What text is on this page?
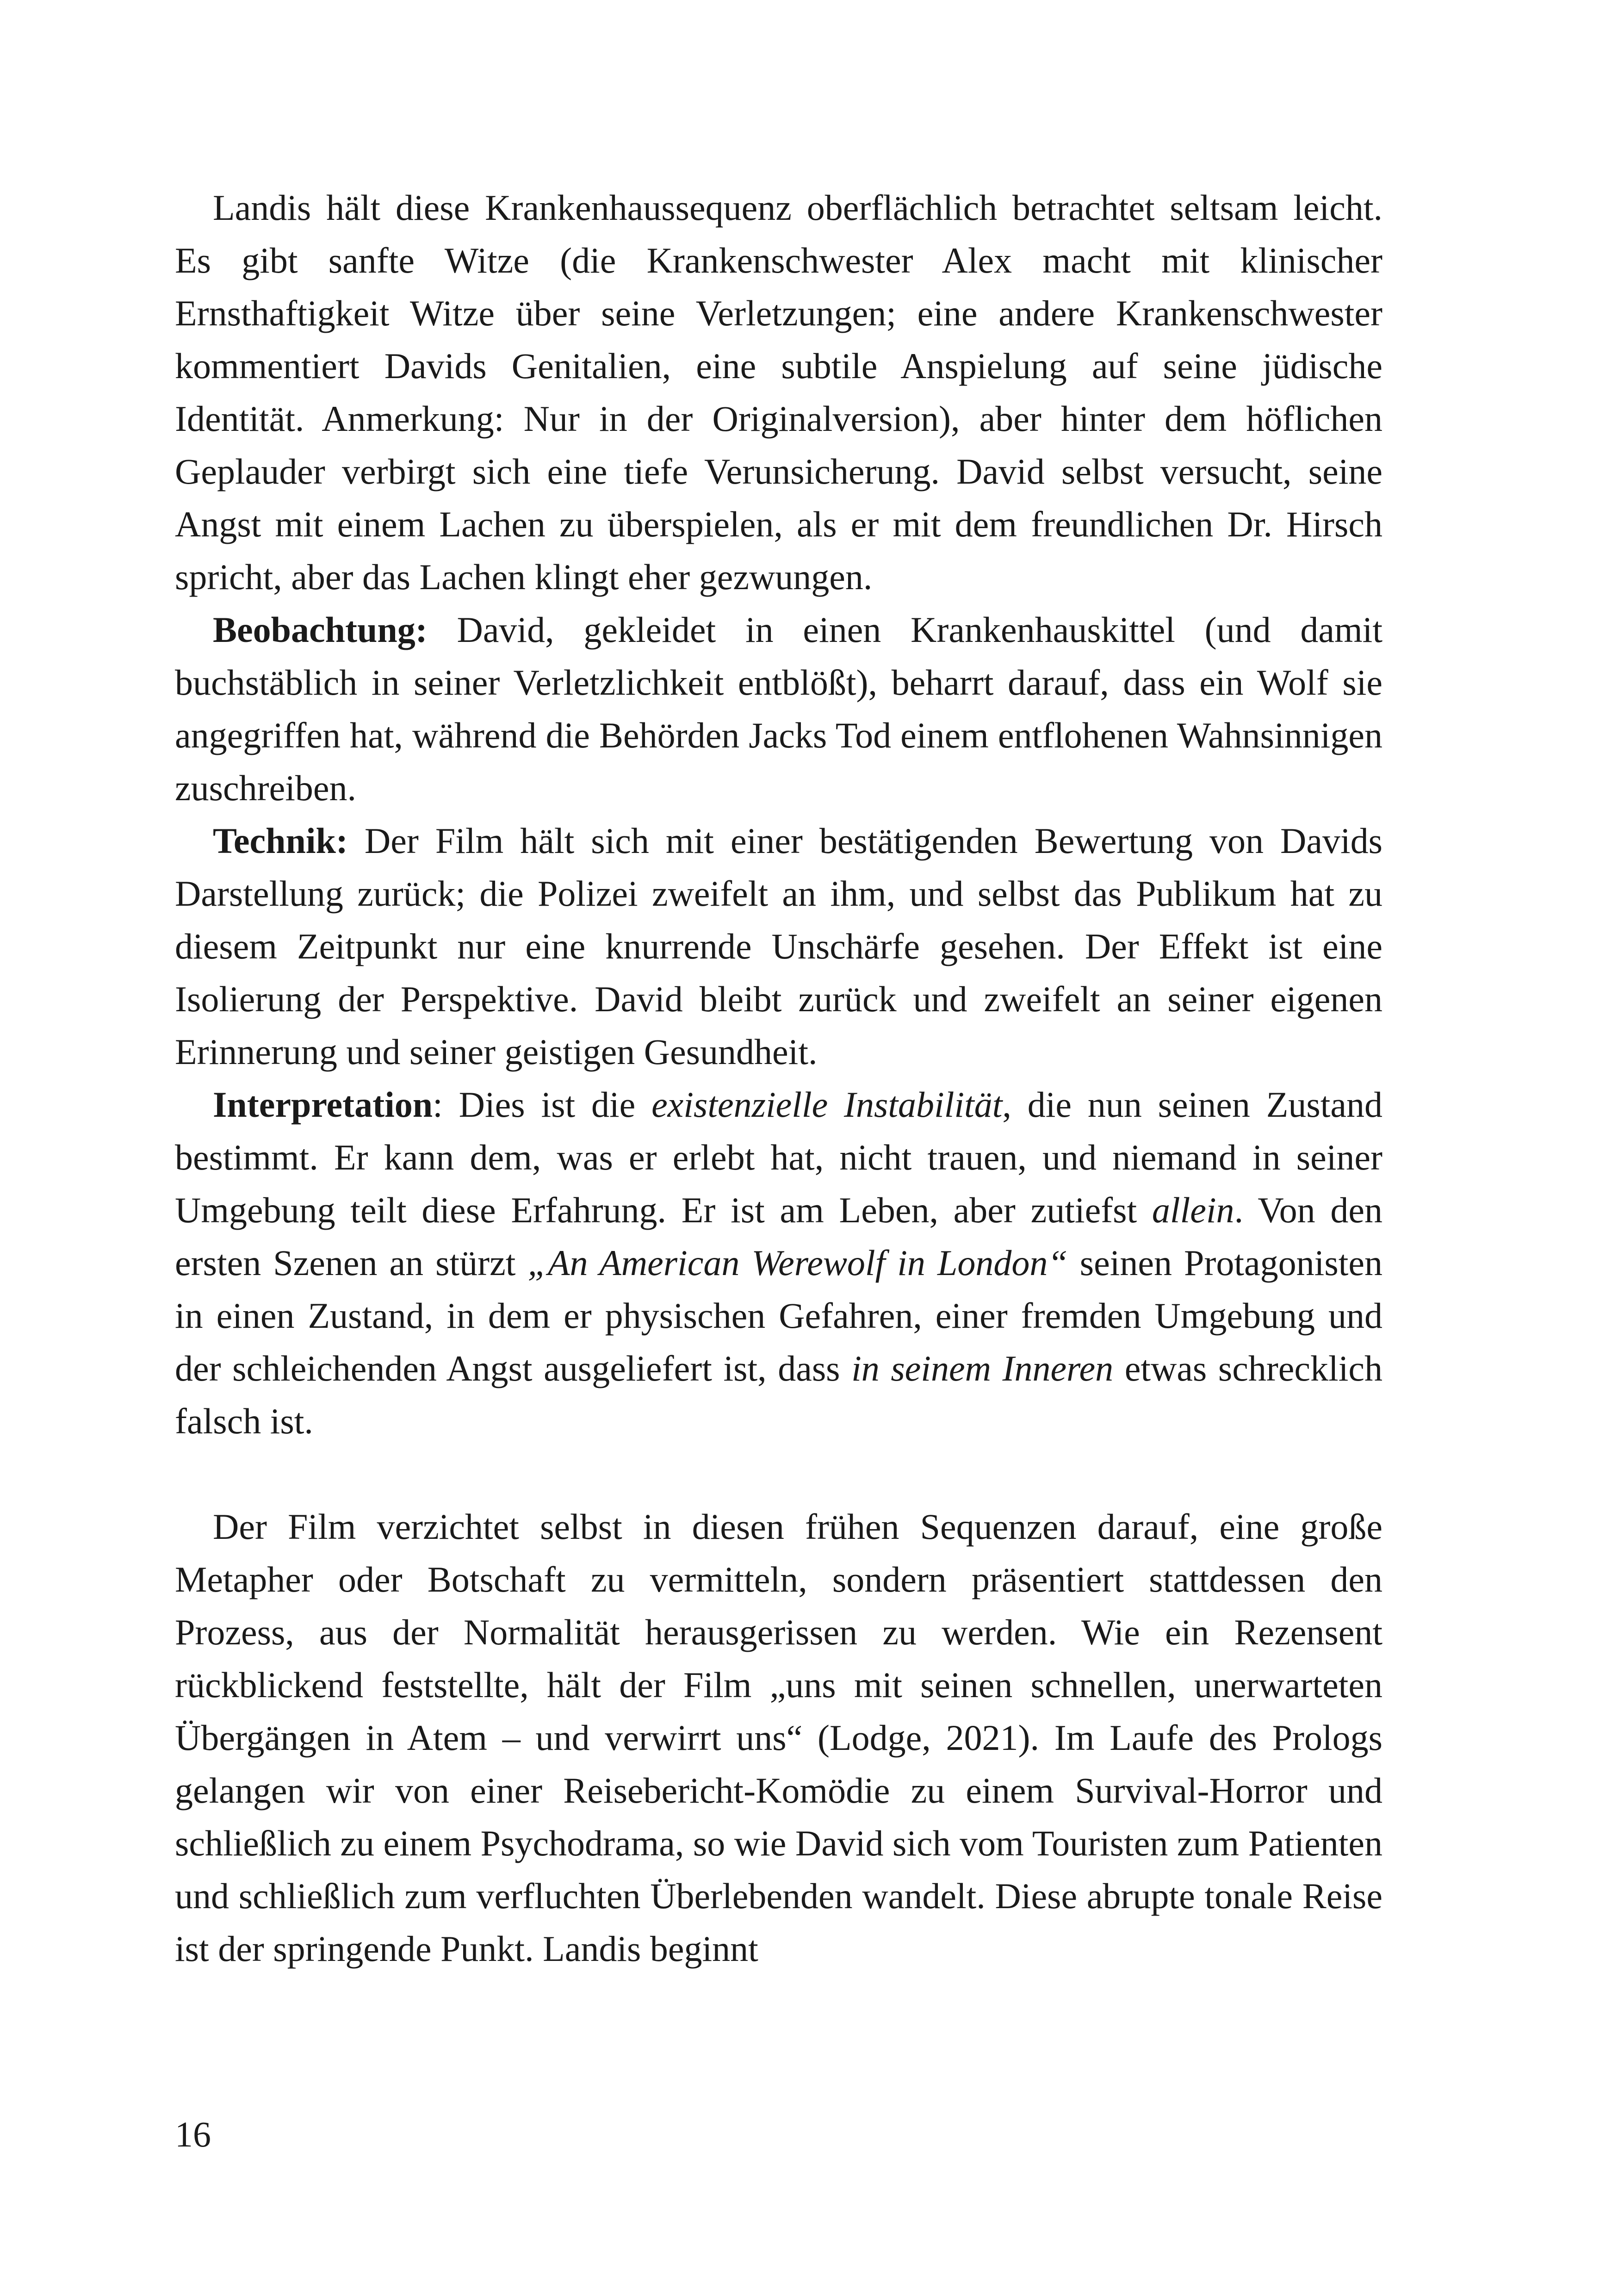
Landis hält diese Krankenhaussequenz oberflächlich betrachtet seltsam leicht. Es gibt sanfte Witze (die Krankenschwester Alex macht mit klinischer Ernsthaftigkeit Witze über seine Verletzungen; eine andere Krankenschwester kommentiert Davids Genitalien, eine subtile Anspielung auf seine jüdische Identität. Anmerkung: Nur in der Originalversion), aber hinter dem höflichen Geplauder verbirgt sich eine tiefe Verunsicherung. David selbst versucht, seine Angst mit einem Lachen zu überspielen, als er mit dem freundlichen Dr. Hirsch spricht, aber das Lachen klingt eher gezwungen.

Beobachtung: David, gekleidet in einen Krankenhauskittel (und damit buchstäblich in seiner Verletzlichkeit entblößt), beharrt darauf, dass ein Wolf sie angegriffen hat, während die Behörden Jacks Tod einem entflohenen Wahnsinnigen zuschreiben.

Technik: Der Film hält sich mit einer bestätigenden Bewertung von Davids Darstellung zurück; die Polizei zweifelt an ihm, und selbst das Publikum hat zu diesem Zeitpunkt nur eine knurrende Unschärfe gesehen. Der Effekt ist eine Isolierung der Perspektive. David bleibt zurück und zweifelt an seiner eigenen Erinnerung und seiner geistigen Gesundheit.

Interpretation: Dies ist die existenzielle Instabilität, die nun seinen Zustand bestimmt. Er kann dem, was er erlebt hat, nicht trauen, und niemand in seiner Umgebung teilt diese Erfahrung. Er ist am Leben, aber zutiefst allein. Von den ersten Szenen an stürzt „An American Werewolf in London“ seinen Protagonisten in einen Zustand, in dem er physischen Gefahren, einer fremden Umgebung und der schleichenden Angst ausgeliefert ist, dass in seinem Inneren etwas schrecklich falsch ist.

Der Film verzichtet selbst in diesen frühen Sequenzen darauf, eine große Metapher oder Botschaft zu vermitteln, sondern präsentiert stattdessen den Prozess, aus der Normalität herausgerissen zu werden. Wie ein Rezensent rückblickend feststellte, hält der Film „uns mit seinen schnellen, unerwarteten Übergängen in Atem – und verwirrt uns“ (Lodge, 2021). Im Laufe des Prologs gelangen wir von einer Reisebericht-Komödie zu einem Survival-Horror und schließlich zu einem Psychodrama, so wie David sich vom Touristen zum Patienten und schließlich zum verfluchten Überlebenden wandelt. Diese abrupte tonale Reise ist der springende Punkt. Landis beginnt

16
